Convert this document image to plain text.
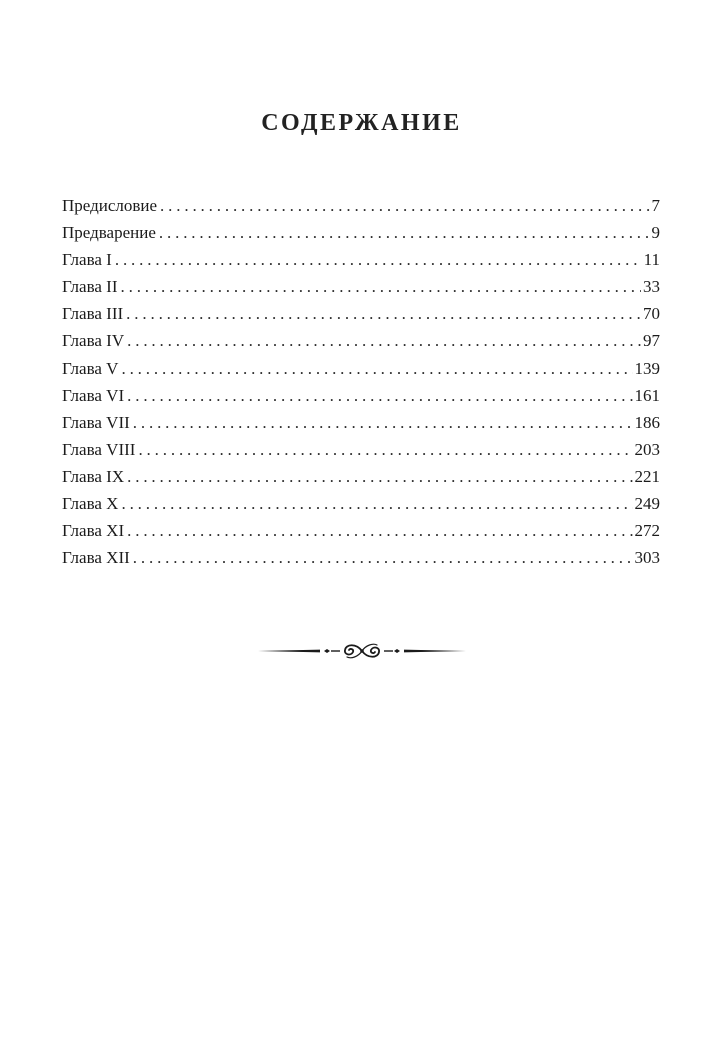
СОДЕРЖАНИЕ
Предисловие . . .	7
Предварение . . .	9
Глава I . . .	11
Глава II . . .	33
Глава III . . .	70
Глава IV . . .	97
Глава V . . .	139
Глава VI . . .	161
Глава VII . . .	186
Глава VIII . . .	203
Глава IX . . .	221
Глава X . . .	249
Глава XI . . .	272
Глава XII . . .	303
